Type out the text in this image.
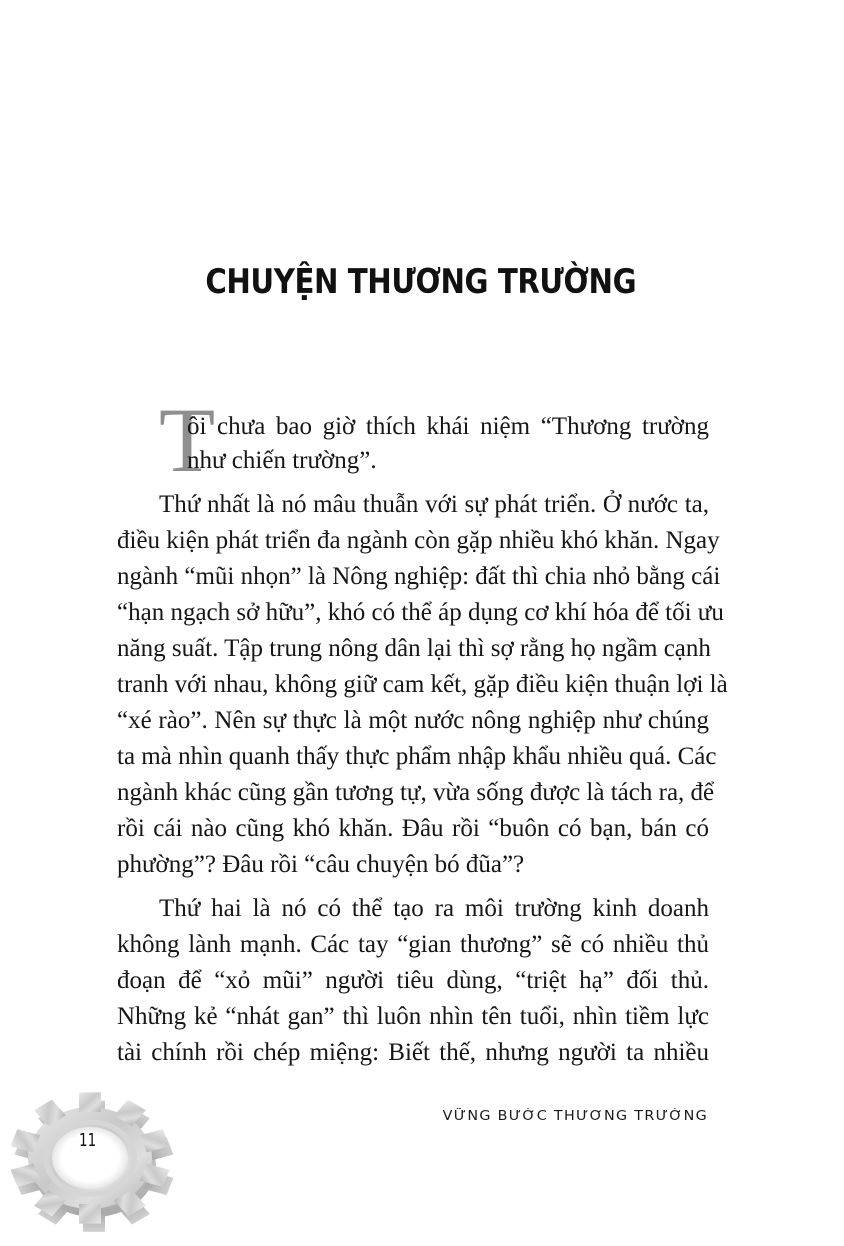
CHUYỆN THƯƠNG TRƯỜNG
T
ôi chưa bao giờ thích khái niệm “Thương trường
như chiến trường”.
Thứ nhất là nó mâu thuẫn với sự phát triển. Ở nước ta,
điều kiện phát triển đa ngành còn gặp nhiều khó khăn. Ngay
ngành “mũi nhọn” là Nông nghiệp: đất thì chia nhỏ bằng cái
“hạn ngạch sở hữu”, khó có thể áp dụng cơ khí hóa để tối ưu
năng suất. Tập trung nông dân lại thì sợ rằng họ ngầm cạnh
tranh với nhau, không giữ cam kết, gặp điều kiện thuận lợi là
“xé rào”. Nên sự thực là một nước nông nghiệp như chúng
ta mà nhìn quanh thấy thực phẩm nhập khẩu nhiều quá. Các
ngành khác cũng gần tương tự, vừa sống được là tách ra, để
rồi cái nào cũng khó khăn. Đâu rồi “buôn có bạn, bán có
phường”? Đâu rồi “câu chuyện bó đũa”?
Thứ hai là nó có thể tạo ra môi trường kinh doanh
không lành mạnh. Các tay “gian thương” sẽ có nhiều thủ
đoạn để “xỏ mũi” người tiêu dùng, “triệt hạ” đối thủ.
Những kẻ “nhát gan” thì luôn nhìn tên tuổi, nhìn tiềm lực
tài chính rồi chép miệng: Biết thế, nhưng người ta nhiều
VỮNG BƯỚC THƯƠNG TRƯỜNG
11
